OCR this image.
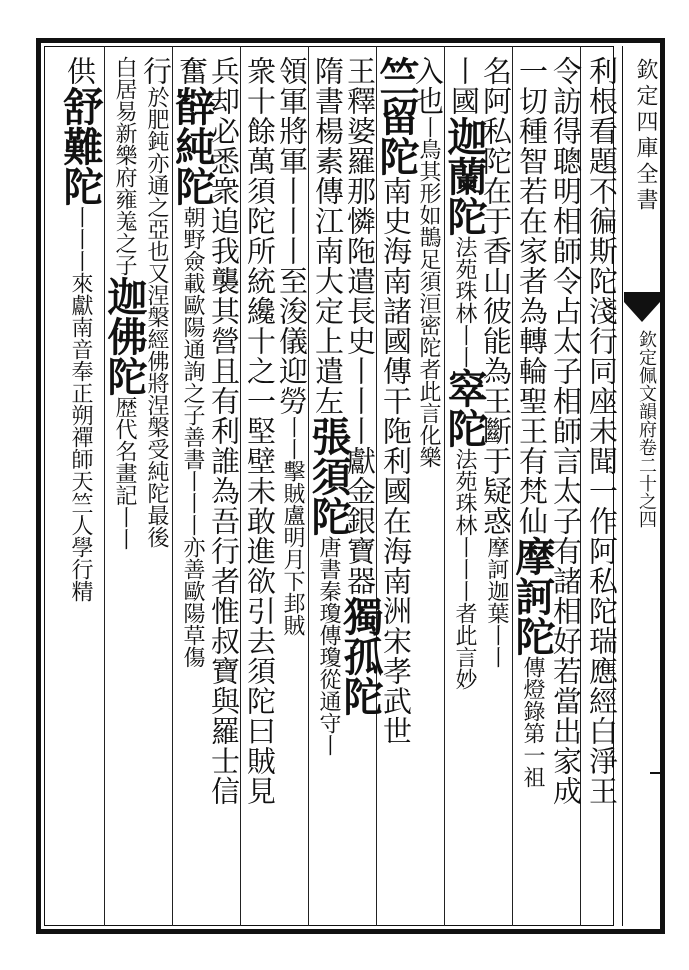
欽定四庫全書
欽定佩文韻府卷二十之四
利根看題不徧斯陀淺行同座未聞一作阿私陀瑞應經白淨王
令訪得聰明相師令占太子相師言太子有諸相好若當出家成
一切種智若在家者為轉輪聖王有梵仙摩訶陀傳燈錄第一祖
名阿私陀在于香山彼能為王斷于疑惑摩訶迦葉丨丨
丨國迦蘭陀法苑珠林丨丨窣陀法苑珠林丨丨丨者此言妙
入也丨鳥其形如鵲足須洹密陀者此言化樂
竺留陀南史海南諸國傳干陁利國在海南洲宋孝武世
王釋婆羅那憐陁遣長史丨丨丨獻金銀寶器獨孤陀
隋書楊素傳江南大定上遣左張須陀唐書秦瓊傳瓊從通守丨
領軍將軍丨丨丨至浚儀迎勞丨丨擊賊盧明月下邽賊
衆十餘萬須陀所統纔十之一堅壁未敢進欲引去須陀曰賊見
兵却必悉衆追我襲其營且有利誰為吾行者惟叔寶與羅士信
奮辥純陀朝野僉載歐陽通詢之子善書丨丨丨亦善歐陽草傷
行於肥鈍亦通之亞也又涅槃經佛將涅槃受純陀最後
白居易新樂府雍羗之子迦佛陀歴代名畫記丨丨
供舒難陀丨丨丨來獻南音奉正朔禪師天竺人學行精
